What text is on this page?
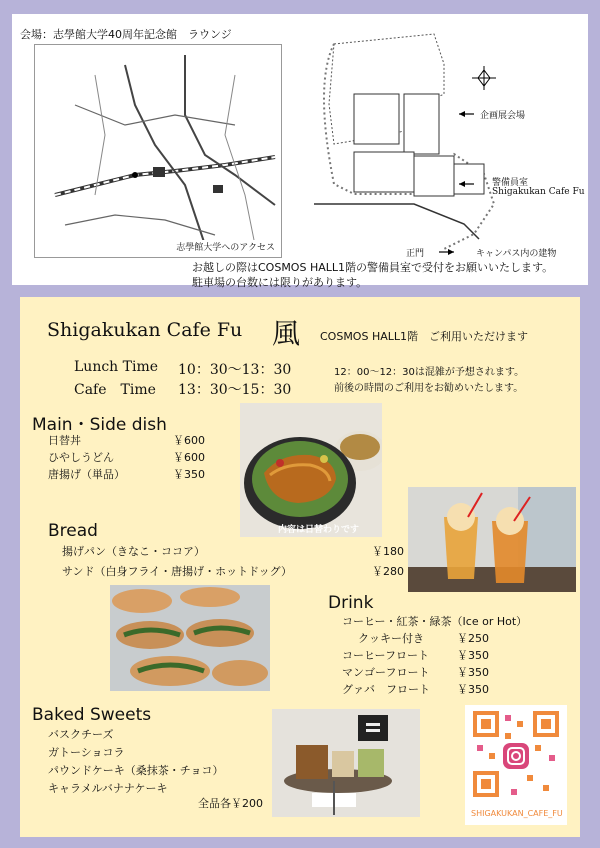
会場：志學館大学40周年記念館　ラウンジ
志學館大学へのアクセス
企画展会場
警備員室
Shigakukan Cafe Fu
正門	キャンパス内の建物
お越しの際はCOSMOS HALL1階の警備員室で受付をお願いいたします。
駐車場の台数には限りがあります。
Shigakukan Cafe Fu 風 COSMOS HALL1階　ご利用いただけます
Lunch Time 10：30～13：30
Cafe　Time 13：30～15：30
12：00～12：30は混雑が予想されます。
前後の時間のご利用をお勧めいたします。
Main・Side dish
日替丼	￥600
ひやしうどん	￥600
唐揚げ（単品）	￥350
内容は日替わりです
Bread
揚げパン（きなこ・ココア）	￥180
サンド（白身フライ・唐揚げ・ホットドッグ）	￥280
Drink
コーヒー・紅茶・緑茶（Ice or Hot）
クッキー付き	￥250
コーヒーフロート	￥350
マンゴーフロート	￥350
グァバ　フロート ￥350
Baked Sweets
バスクチーズ
ガトーショコラ
パウンドケーキ（桑抹茶・チョコ）
キャラメルバナナケーキ
全品各￥200
SHIGAKUKAN_CAFE_FU
